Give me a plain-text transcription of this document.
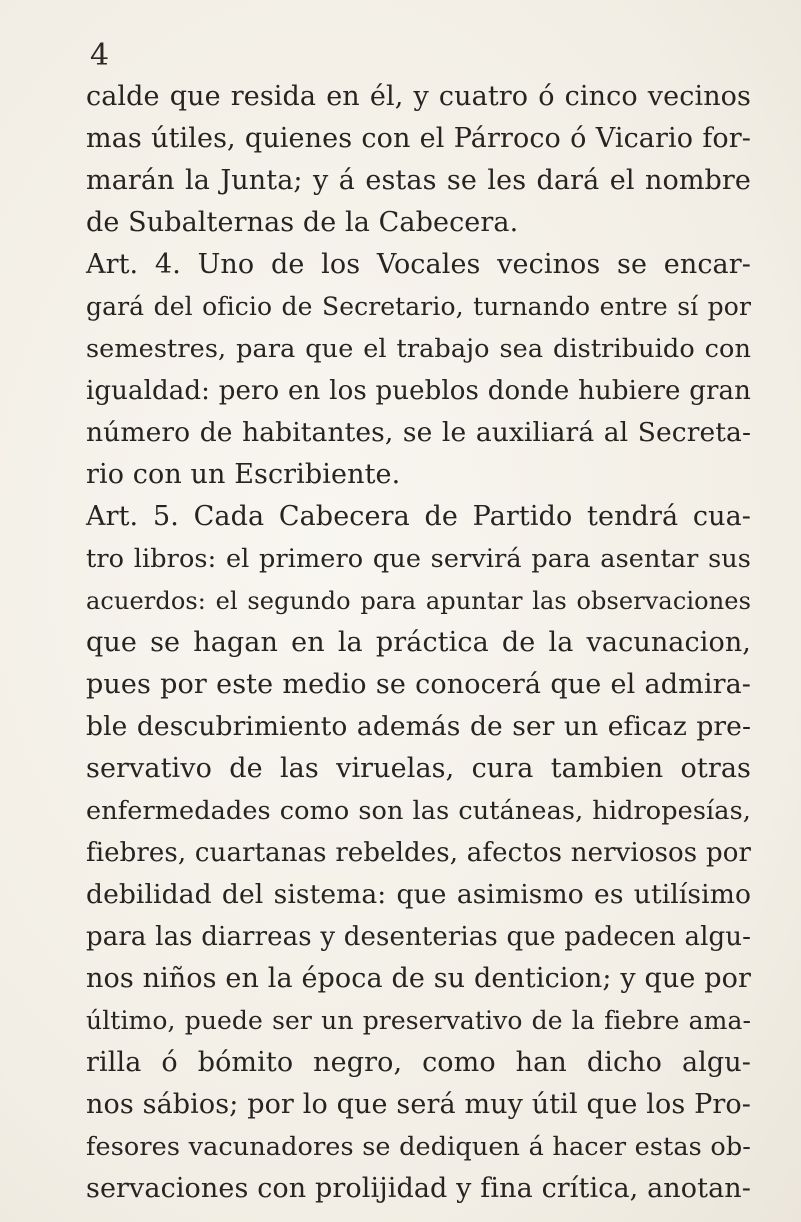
4
calde que resida en él, y cuatro ó cinco vecinos
mas útiles, quienes con el Párroco ó Vicario for-
marán la Junta; y á estas se les dará el nombre
de Subalternas de la Cabecera.
Art. 4. Uno de los Vocales vecinos se encar-
gará del oficio de Secretario, turnando entre sí por
semestres, para que el trabajo sea distribuido con
igualdad: pero en los pueblos donde hubiere gran
número de habitantes, se le auxiliará al Secreta-
rio con un Escribiente.
Art. 5. Cada Cabecera de Partido tendrá cua-
tro libros: el primero que servirá para asentar sus
acuerdos: el segundo para apuntar las observaciones
que se hagan en la práctica de la vacunacion,
pues por este medio se conocerá que el admira-
ble descubrimiento además de ser un eficaz pre-
servativo de las viruelas, cura tambien otras
enfermedades como son las cutáneas, hidropesías,
fiebres, cuartanas rebeldes, afectos nerviosos por
debilidad del sistema: que asimismo es utilísimo
para las diarreas y desenterias que padecen algu-
nos niños en la época de su denticion; y que por
último, puede ser un preservativo de la fiebre ama-
rilla ó bómito negro, como han dicho algu-
nos sábios; por lo que será muy útil que los Pro-
fesores vacunadores se dediquen á hacer estas ob-
servaciones con prolijidad y fina crítica, anotan-
